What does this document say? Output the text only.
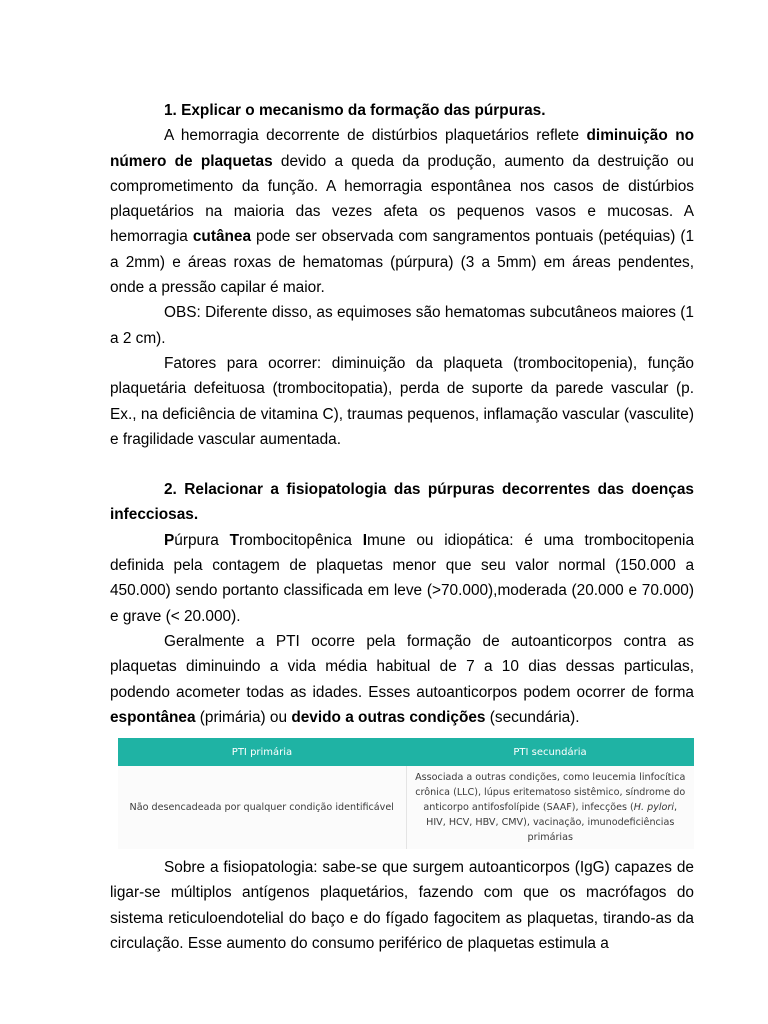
1. Explicar o mecanismo da formação das púrpuras.

A hemorragia decorrente de distúrbios plaquetários reflete diminuição no número de plaquetas devido a queda da produção, aumento da destruição ou comprometimento da função. A hemorragia espontânea nos casos de distúrbios plaquetários na maioria das vezes afeta os pequenos vasos e mucosas. A hemorragia cutânea pode ser observada com sangramentos pontuais (petéquias) (1 a 2mm) e áreas roxas de hematomas (púrpura) (3 a 5mm) em áreas pendentes, onde a pressão capilar é maior.

OBS: Diferente disso, as equimoses são hematomas subcutâneos maiores (1 a 2 cm).

Fatores para ocorrer: diminuição da plaqueta (trombocitopenia), função plaquetária defeituosa (trombocitopatia), perda de suporte da parede vascular (p. Ex., na deficiência de vitamina C), traumas pequenos, inflamação vascular (vasculite) e fragilidade vascular aumentada.

2. Relacionar a fisiopatologia das púrpuras decorrentes das doenças infecciosas.

Púrpura Trombocitopênica Imune ou idiopática: é uma trombocitopenia definida pela contagem de plaquetas menor que seu valor normal (150.000 a 450.000) sendo portanto classificada em leve (>70.000),moderada (20.000 e 70.000) e grave (< 20.000).

Geralmente a PTI ocorre pela formação de autoanticorpos contra as plaquetas diminuindo a vida média habitual de 7 a 10 dias dessas particulas, podendo acometer todas as idades. Esses autoanticorpos podem ocorrer de forma espontânea (primária) ou devido a outras condições (secundária).

PTI primária	PTI secundária
Não desencadeada por qualquer condição identificável	Associada a outras condições, como leucemia linfocítica crônica (LLC), lúpus eritematoso sistêmico, síndrome do anticorpo antifosfolípide (SAAF), infecções (H. pylori, HIV, HCV, HBV, CMV), vacinação, imunodeficiências primárias

Sobre a fisiopatologia: sabe-se que surgem autoanticorpos (IgG) capazes de ligar-se múltiplos antígenos plaquetários, fazendo com que os macrófagos do sistema reticuloendotelial do baço e do fígado fagocitem as plaquetas, tirando-as da circulação. Esse aumento do consumo periférico de plaquetas estimula a
